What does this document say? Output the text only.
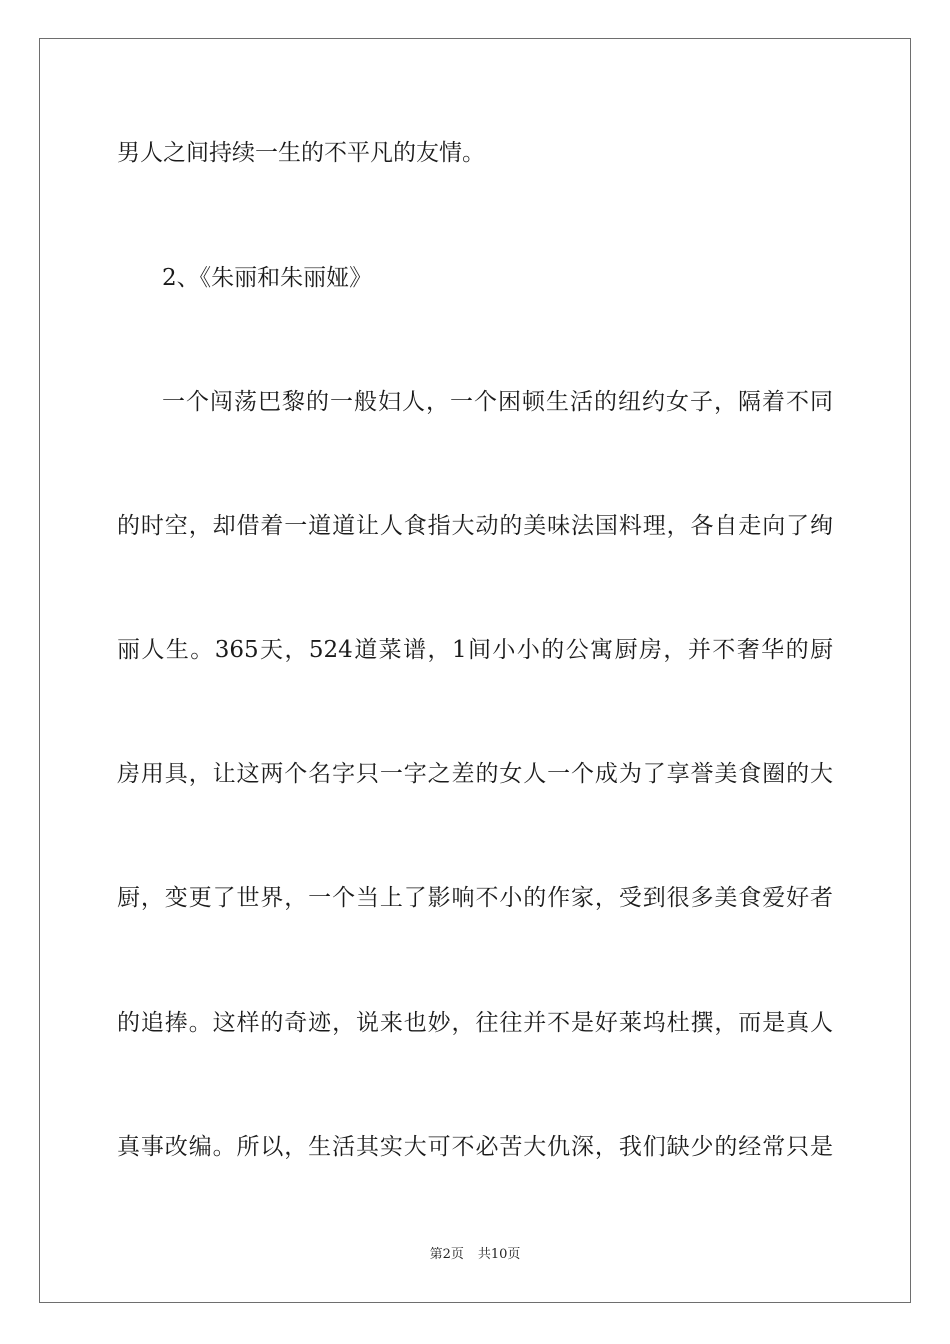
男人之间持续一生的不平凡的友情。
2、《朱丽和朱丽娅》
一个闯荡巴黎的一般妇人，一个困顿生活的纽约女子，隔着不同
的时空，却借着一道道让人食指大动的美味法国料理，各自走向了绚
丽人生。365天，524道菜谱，1间小小的公寓厨房，并不奢华的厨
房用具，让这两个名字只一字之差的女人一个成为了享誉美食圈的大
厨，变更了世界，一个当上了影响不小的作家，受到很多美食爱好者
的追捧。这样的奇迹，说来也妙，往往并不是好莱坞杜撰，而是真人
真事改编。所以，生活其实大可不必苦大仇深，我们缺少的经常只是
第2页 共10页
